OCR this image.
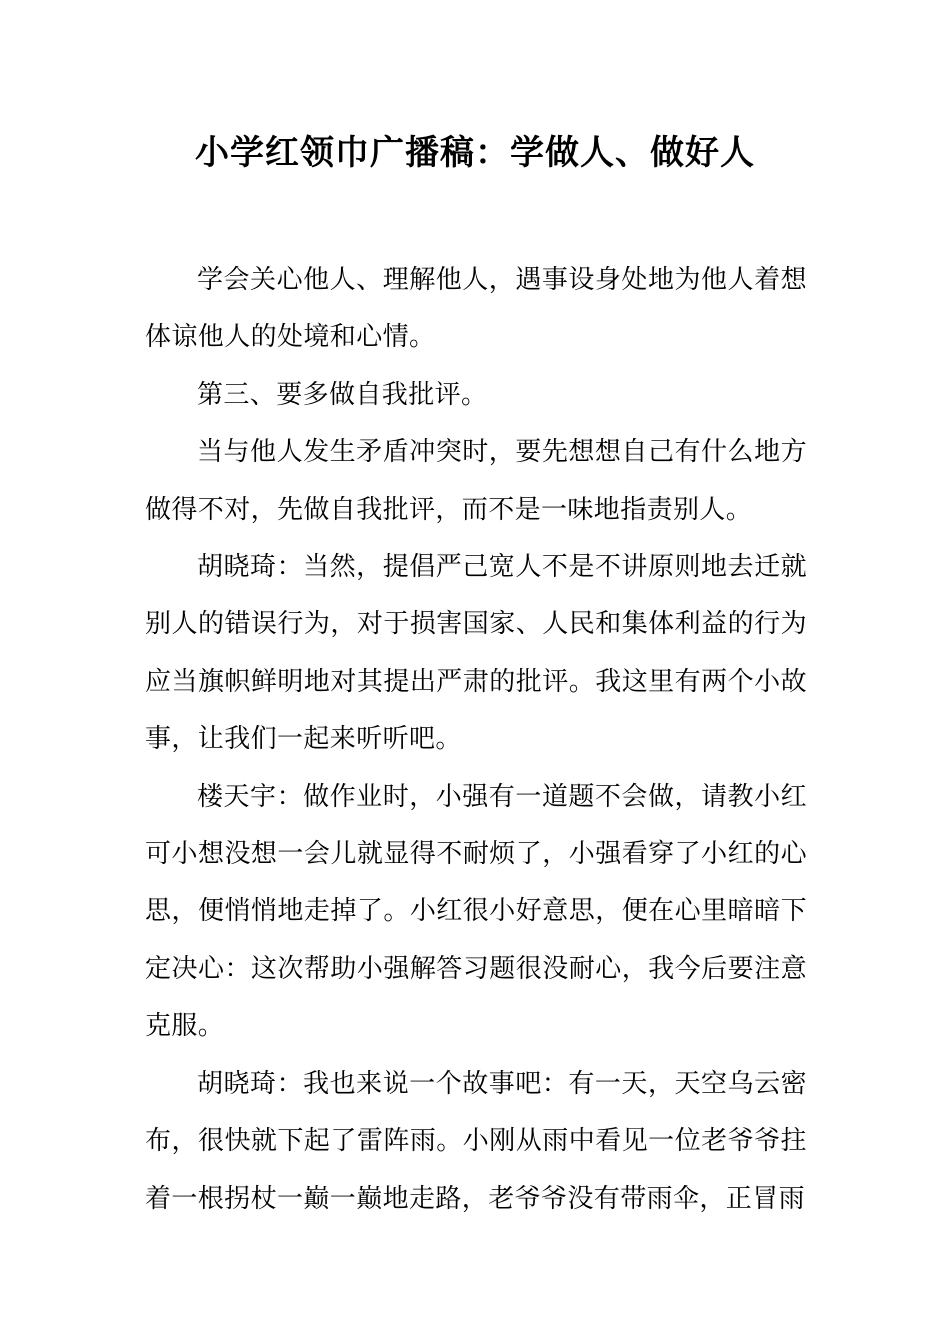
小学红领巾广播稿：学做人、做好人

学会关心他人、理解他人，遇事设身处地为他人着想体谅他人的处境和心情。

第三、要多做自我批评。

当与他人发生矛盾冲突时，要先想想自己有什么地方做得不对，先做自我批评，而不是一味地指责别人。

胡晓琦：当然，提倡严己宽人不是不讲原则地去迁就别人的错误行为，对于损害国家、人民和集体利益的行为应当旗帜鲜明地对其提出严肃的批评。我这里有两个小故事，让我们一起来听听吧。

楼天宇：做作业时，小强有一道题不会做，请教小红可小想没想一会儿就显得不耐烦了，小强看穿了小红的心思，便悄悄地走掉了。小红很小好意思，便在心里暗暗下定决心：这次帮助小强解答习题很没耐心，我今后要注意克服。

胡晓琦：我也来说一个故事吧：有一天，天空乌云密布，很快就下起了雷阵雨。小刚从雨中看见一位老爷爷拄着一根拐杖一巅一巅地走路，老爷爷没有带雨伞，正冒雨
